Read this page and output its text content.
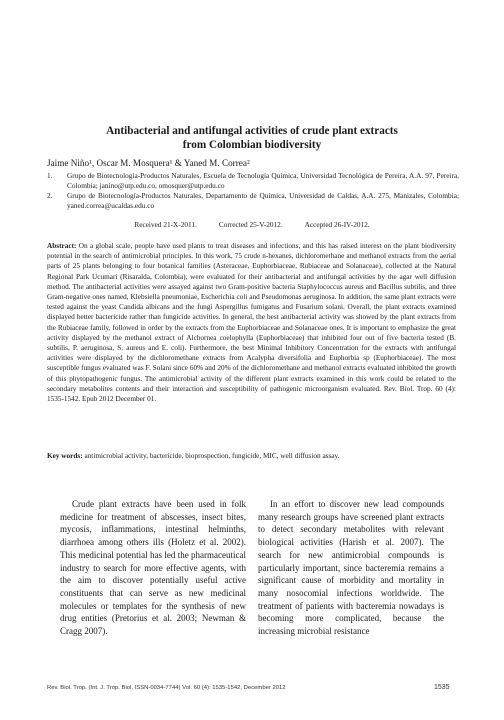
Antibacterial and antifungal activities of crude plant extracts
from Colombian biodiversity
Jaime Niño¹, Oscar M. Mosquera¹ & Yaned M. Correa²
1.	Grupo de Biotecnología-Productos Naturales, Escuela de Tecnología Química, Universidad Tecnológica de Pereira, A.A. 97, Pereira, Colombia; janino@utp.edu.co, omosquer@utp.edu.co
2.	Grupo de Biotecnología-Productos Naturales, Departamento de Química, Universidad de Caldas, A.A. 275, Manizales, Colombia; yaned.correa@ucaldas.edu.co
Received 21-X-2011.	Corrected 25-V-2012.	Accepted 26-IV-2012.
Abstract: On a global scale, people have used plants to treat diseases and infections, and this has raised interest on the plant biodiversity potential in the search of antimicrobial principles. In this work, 75 crude n-hexanes, dichloromethane and methanol extracts from the aerial parts of 25 plants belonging to four botanical families (Asteraceae, Euphorbiaceae, Rubiaceae and Solanaceae), collected at the Natural Regional Park Ucumarí (Risaralda, Colombia), were evaluated for their antibacterial and antifungal activities by the agar well diffusion method. The antibacterial activities were assayed against two Gram-positive bacteria Staphylococcus aureus and Bacillus subtilis, and three Gram-negative ones named, Klebsiella pneumoniae, Escherichia coli and Pseudomonas aeruginosa. In addition, the same plant extracts were tested against the yeast Candida albicans and the fungi Aspergillus fumigatus and Fusarium solani. Overall, the plant extracts examined displayed better bactericide rather than fungicide activities. In general, the best antibacterial activity was showed by the plant extracts from the Rubiaceae family, followed in order by the extracts from the Euphorbiaceae and Solanaceae ones. It is important to emphasize the great activity displayed by the methanol extract of Alchornea coelophylla (Euphorbiaceae) that inhibited four out of five bacteria tested (B. subtilis, P. aeruginosa, S. aureus and E. coli). Furthermore, the best Minimal Inhibitory Concentration for the extracts with antifungal activities were displayed by the dichloromethane extracts from Acalypha diversifolia and Euphorbia sp (Euphorbiaceae). The most susceptible fungus evaluated was F. Solani since 60% and 20% of the dichloromethane and methanol extracts evaluated inhibited the growth of this phytopathogenic fungus. The antimicrobial activity of the different plant extracts examined in this work could be related to the secondary metabolites contents and their interaction and susceptibility of pathogenic microorganism evaluated. Rev. Biol. Trop. 60 (4): 1535-1542. Epub 2012 December 01.
Key words: antimicrobial activity, bactericide, bioprospection, fungicide, MIC, well diffusion assay.
Crude plant extracts have been used in folk medicine for treatment of abscesses, insect bites, mycosis, inflammations, intestinal helminths, diarrhoea among others ills (Holetz et al. 2002). This medicinal potential has led the pharmaceutical industry to search for more effective agents, with the aim to discover potentially useful active constituents that can serve as new medicinal molecules or templates for the synthesis of new drug entities (Pretorius et al. 2003; Newman & Cragg 2007).
In an effort to discover new lead compounds many research groups have screened plant extracts to detect secondary metabolites with relevant biological activities (Harish et al. 2007). The search for new antimicrobial compounds is particularly important, since bacteremia remains a significant cause of morbidity and mortality in many nosocomial infections worldwide. The treatment of patients with bacteremia nowadays is becoming more complicated, because the increasing microbial resistance
Rev. Biol. Trop. (Int. J. Trop. Biol. ISSN-0034-7744) Vol. 60 (4): 1535-1542, December 2012	1535
